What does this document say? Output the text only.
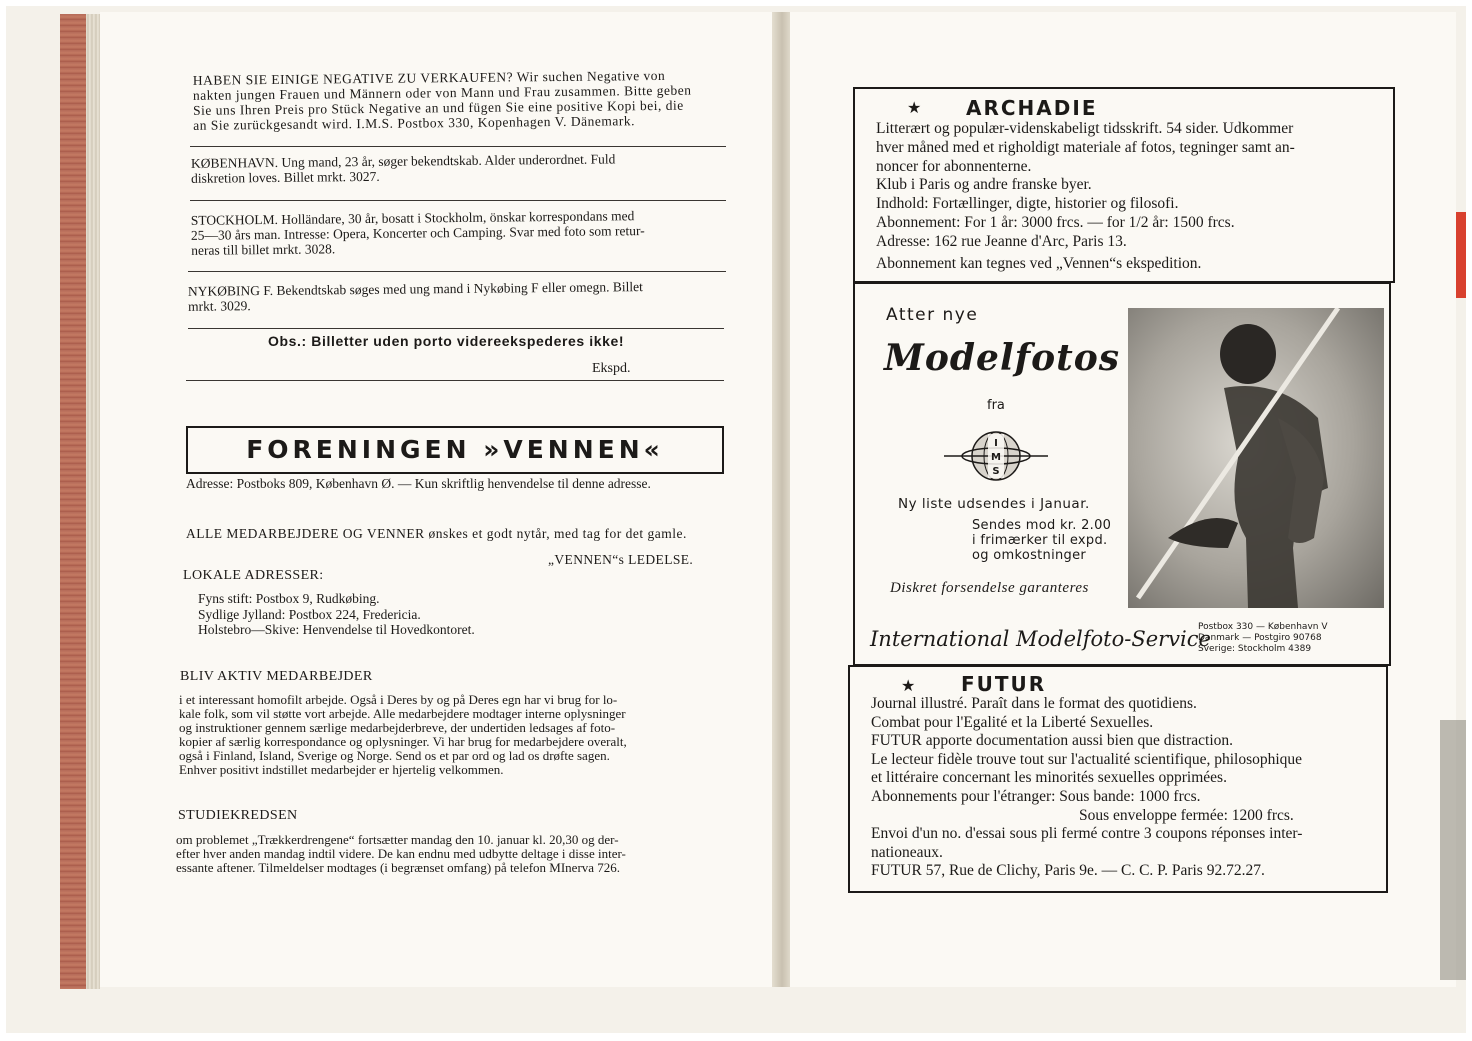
HABEN SIE EINIGE NEGATIVE ZU VERKAUFEN? Wir suchen Negative von
nakten jungen Frauen und Männern oder von Mann und Frau zusammen. Bitte geben
Sie uns Ihren Preis pro Stück Negative an und fügen Sie eine positive Kopi bei, die
an Sie zurückgesandt wird. I.M.S. Postbox 330, Kopenhagen V. Dänemark.
KØBENHAVN. Ung mand, 23 år, søger bekendtskab. Alder underordnet. Fuld
diskretion loves. Billet mrkt. 3027.
STOCKHOLM. Holländare, 30 år, bosatt i Stockholm, önskar korrespondans med
25—30 års man. Intresse: Opera, Koncerter och Camping. Svar med foto som retur-
neras till billet mrkt. 3028.
NYKØBING F. Bekendtskab søges med ung mand i Nykøbing F eller omegn. Billet
mrkt. 3029.
Obs.: Billetter uden porto videreekspederes ikke!
Ekspd.
FORENINGEN »VENNEN«
Adresse: Postboks 809, København Ø. — Kun skriftlig henvendelse til denne adresse.
ALLE MEDARBEJDERE OG VENNER ønskes et godt nytår, med tag for det gamle.
„VENNEN“s LEDELSE.
LOKALE ADRESSER:
Fyns stift: Postbox 9, Rudkøbing.
Sydlige Jylland: Postbox 224, Fredericia.
Holstebro—Skive: Henvendelse til Hovedkontoret.
BLIV AKTIV MEDARBEJDER
i et interessant homofilt arbejde. Også i Deres by og på Deres egn har vi brug for lo-
kale folk, som vil støtte vort arbejde. Alle medarbejdere modtager interne oplysninger
og instruktioner gennem særlige medarbejderbreve, der undertiden ledsages af foto-
kopier af særlig korrespondance og oplysninger. Vi har brug for medarbejdere overalt,
også i Finland, Island, Sverige og Norge. Send os et par ord og lad os drøfte sagen.
Enhver positivt indstillet medarbejder er hjertelig velkommen.
STUDIEKREDSEN
om problemet „Trækkerdrengene“ fortsætter mandag den 10. januar kl. 20,30 og der-
efter hver anden mandag indtil videre. De kan endnu med udbytte deltage i disse inter-
essante aftener. Tilmeldelser modtages (i begrænset omfang) på telefon MInerva 726.
★ ARCHADIE
Litterært og populær-videnskabeligt tidsskrift. 54 sider. Udkommer
hver måned med et righoldigt materiale af fotos, tegninger samt an-
noncer for abonnenterne.
Klub i Paris og andre franske byer.
Indhold: Fortællinger, digte, historier og filosofi.
Abonnement: For 1 år: 3000 frcs. — for 1/2 år: 1500 frcs.
Adresse: 162 rue Jeanne d'Arc, Paris 13.
Abonnement kan tegnes ved „Vennen“s ekspedition.
Atter nye
Modelfotos
fra
I
M
S
Ny liste udsendes i Januar.
Sendes mod kr. 2.00
i frimærker til expd.
og omkostninger
Diskret forsendelse garanteres
International Modelfoto-Service
Postbox 330 — København V
Danmark — Postgiro 90768
Sverige: Stockholm 4389
★ FUTUR
Journal illustré. Paraît dans le format des quotidiens.
Combat pour l'Egalité et la Liberté Sexuelles.
FUTUR apporte documentation aussi bien que distraction.
Le lecteur fidèle trouve tout sur l'actualité scientifique, philosophique
et littéraire concernant les minorités sexuelles opprimées.
Abonnements pour l'étranger: Sous bande: 1000 frcs.
Sous enveloppe fermée: 1200 frcs.
Envoi d'un no. d'essai sous pli fermé contre 3 coupons réponses inter-
nationeaux.
FUTUR 57, Rue de Clichy, Paris 9e. — C. C. P. Paris 92.72.27.
